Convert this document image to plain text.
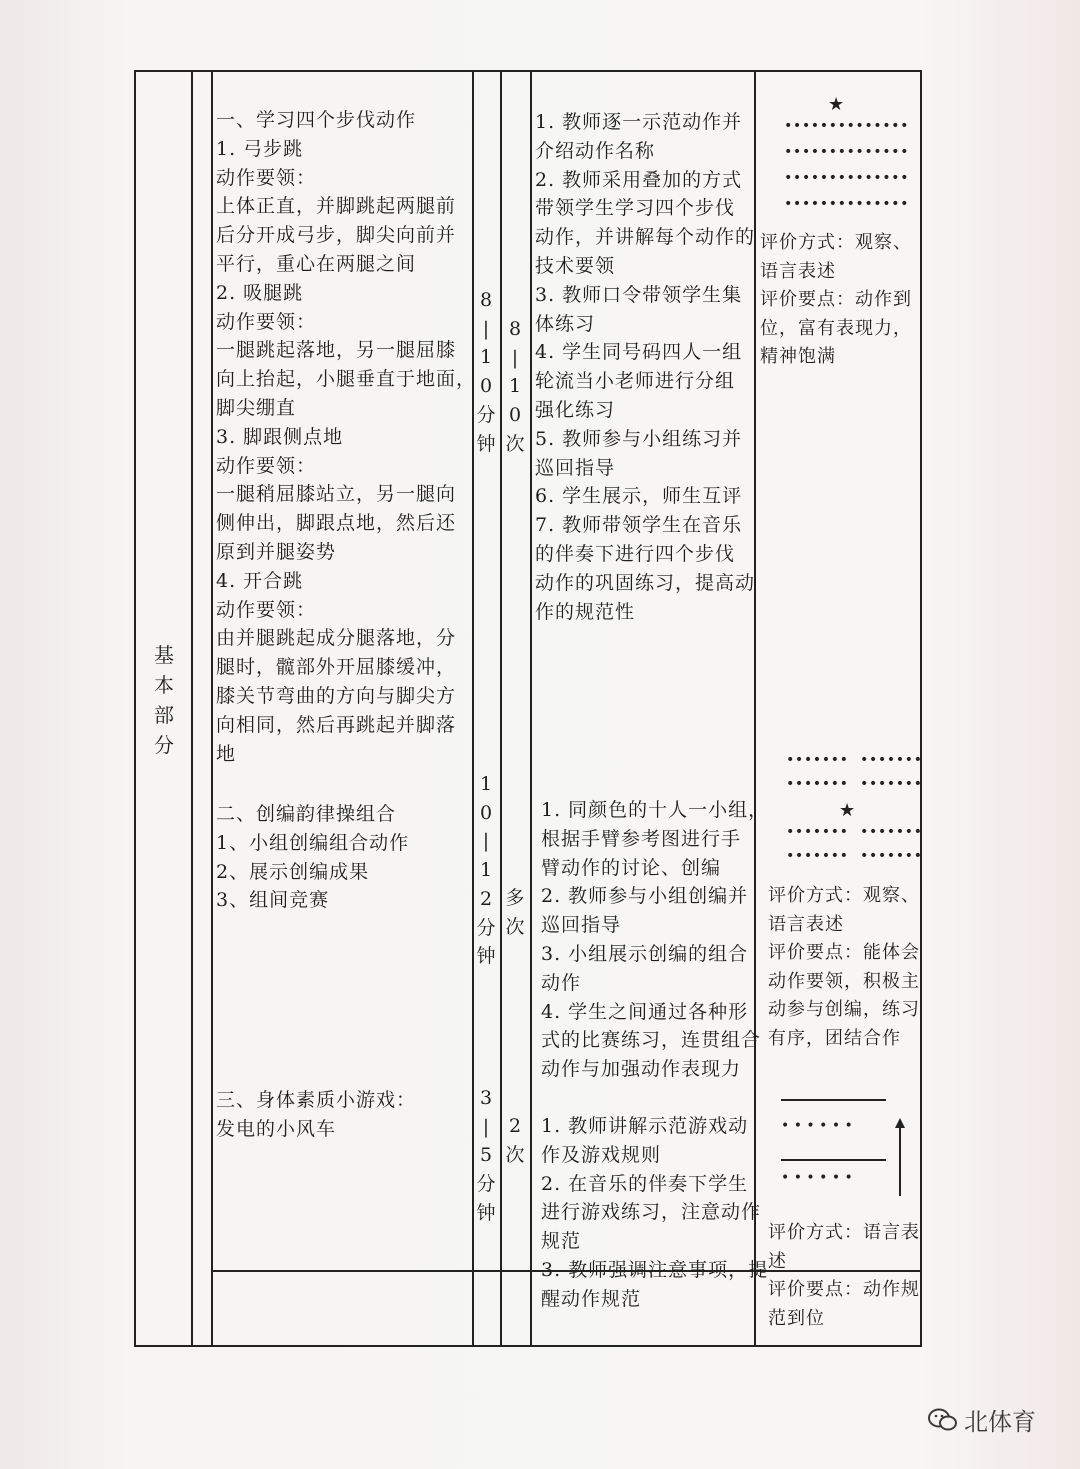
基
本
部
分
一、学习四个步伐动作
1. 弓步跳
动作要领：
上体正直，并脚跳起两腿前
后分开成弓步，脚尖向前并
平行，重心在两腿之间
2. 吸腿跳
动作要领：
一腿跳起落地，另一腿屈膝
向上抬起，小腿垂直于地面，
脚尖绷直
3. 脚跟侧点地
动作要领：
一腿稍屈膝站立，另一腿向
侧伸出，脚跟点地，然后还
原到并腿姿势
4. 开合跳
动作要领：
由并腿跳起成分腿落地，分
腿时，髋部外开屈膝缓冲，
膝关节弯曲的方向与脚尖方
向相同，然后再跳起并脚落
地
8
|
1
0
分
钟
8
|
1
0
次
1. 教师逐一示范动作并
介绍动作名称
2. 教师采用叠加的方式
带领学生学习四个步伐
动作，并讲解每个动作的
技术要领
3. 教师口令带领学生集
体练习
4. 学生同号码四人一组
轮流当小老师进行分组
强化练习
5. 教师参与小组练习并
巡回指导
6. 学生展示，师生互评
7. 教师带领学生在音乐
的伴奏下进行四个步伐
动作的巩固练习，提高动
作的规范性
★
••••••••••••••
••••••••••••••
••••••••••••••
••••••••••••••
评价方式：观察、
语言表述
评价要点：动作到
位，富有表现力，
精神饱满
二、创编韵律操组合
1、小组创编组合动作
2、展示创编成果
3、组间竞赛
1
0
|
1
2
分
钟
多
次
1. 同颜色的十人一小组，
根据手臂参考图进行手
臂动作的讨论、创编
2. 教师参与小组创编并
巡回指导
3. 小组展示创编的组合
动作
4. 学生之间通过各种形
式的比赛练习，连贯组合
动作与加强动作表现力
••••••• •••••••
••••••• •••••••
★
••••••• •••••••
••••••• •••••••
评价方式：观察、
语言表述
评价要点：能体会
动作要领，积极主
动参与创编，练习
有序，团结合作
三、身体素质小游戏：
发电的小风车
3
|
5
分
钟
2
次
1. 教师讲解示范游戏动
作及游戏规则
2. 在音乐的伴奏下学生
进行游戏练习，注意动作
规范
3. 教师强调注意事项，提
醒动作规范
• • • • • •
• • • • • •
评价方式：语言表
述
评价要点：动作规
范到位
北体育
